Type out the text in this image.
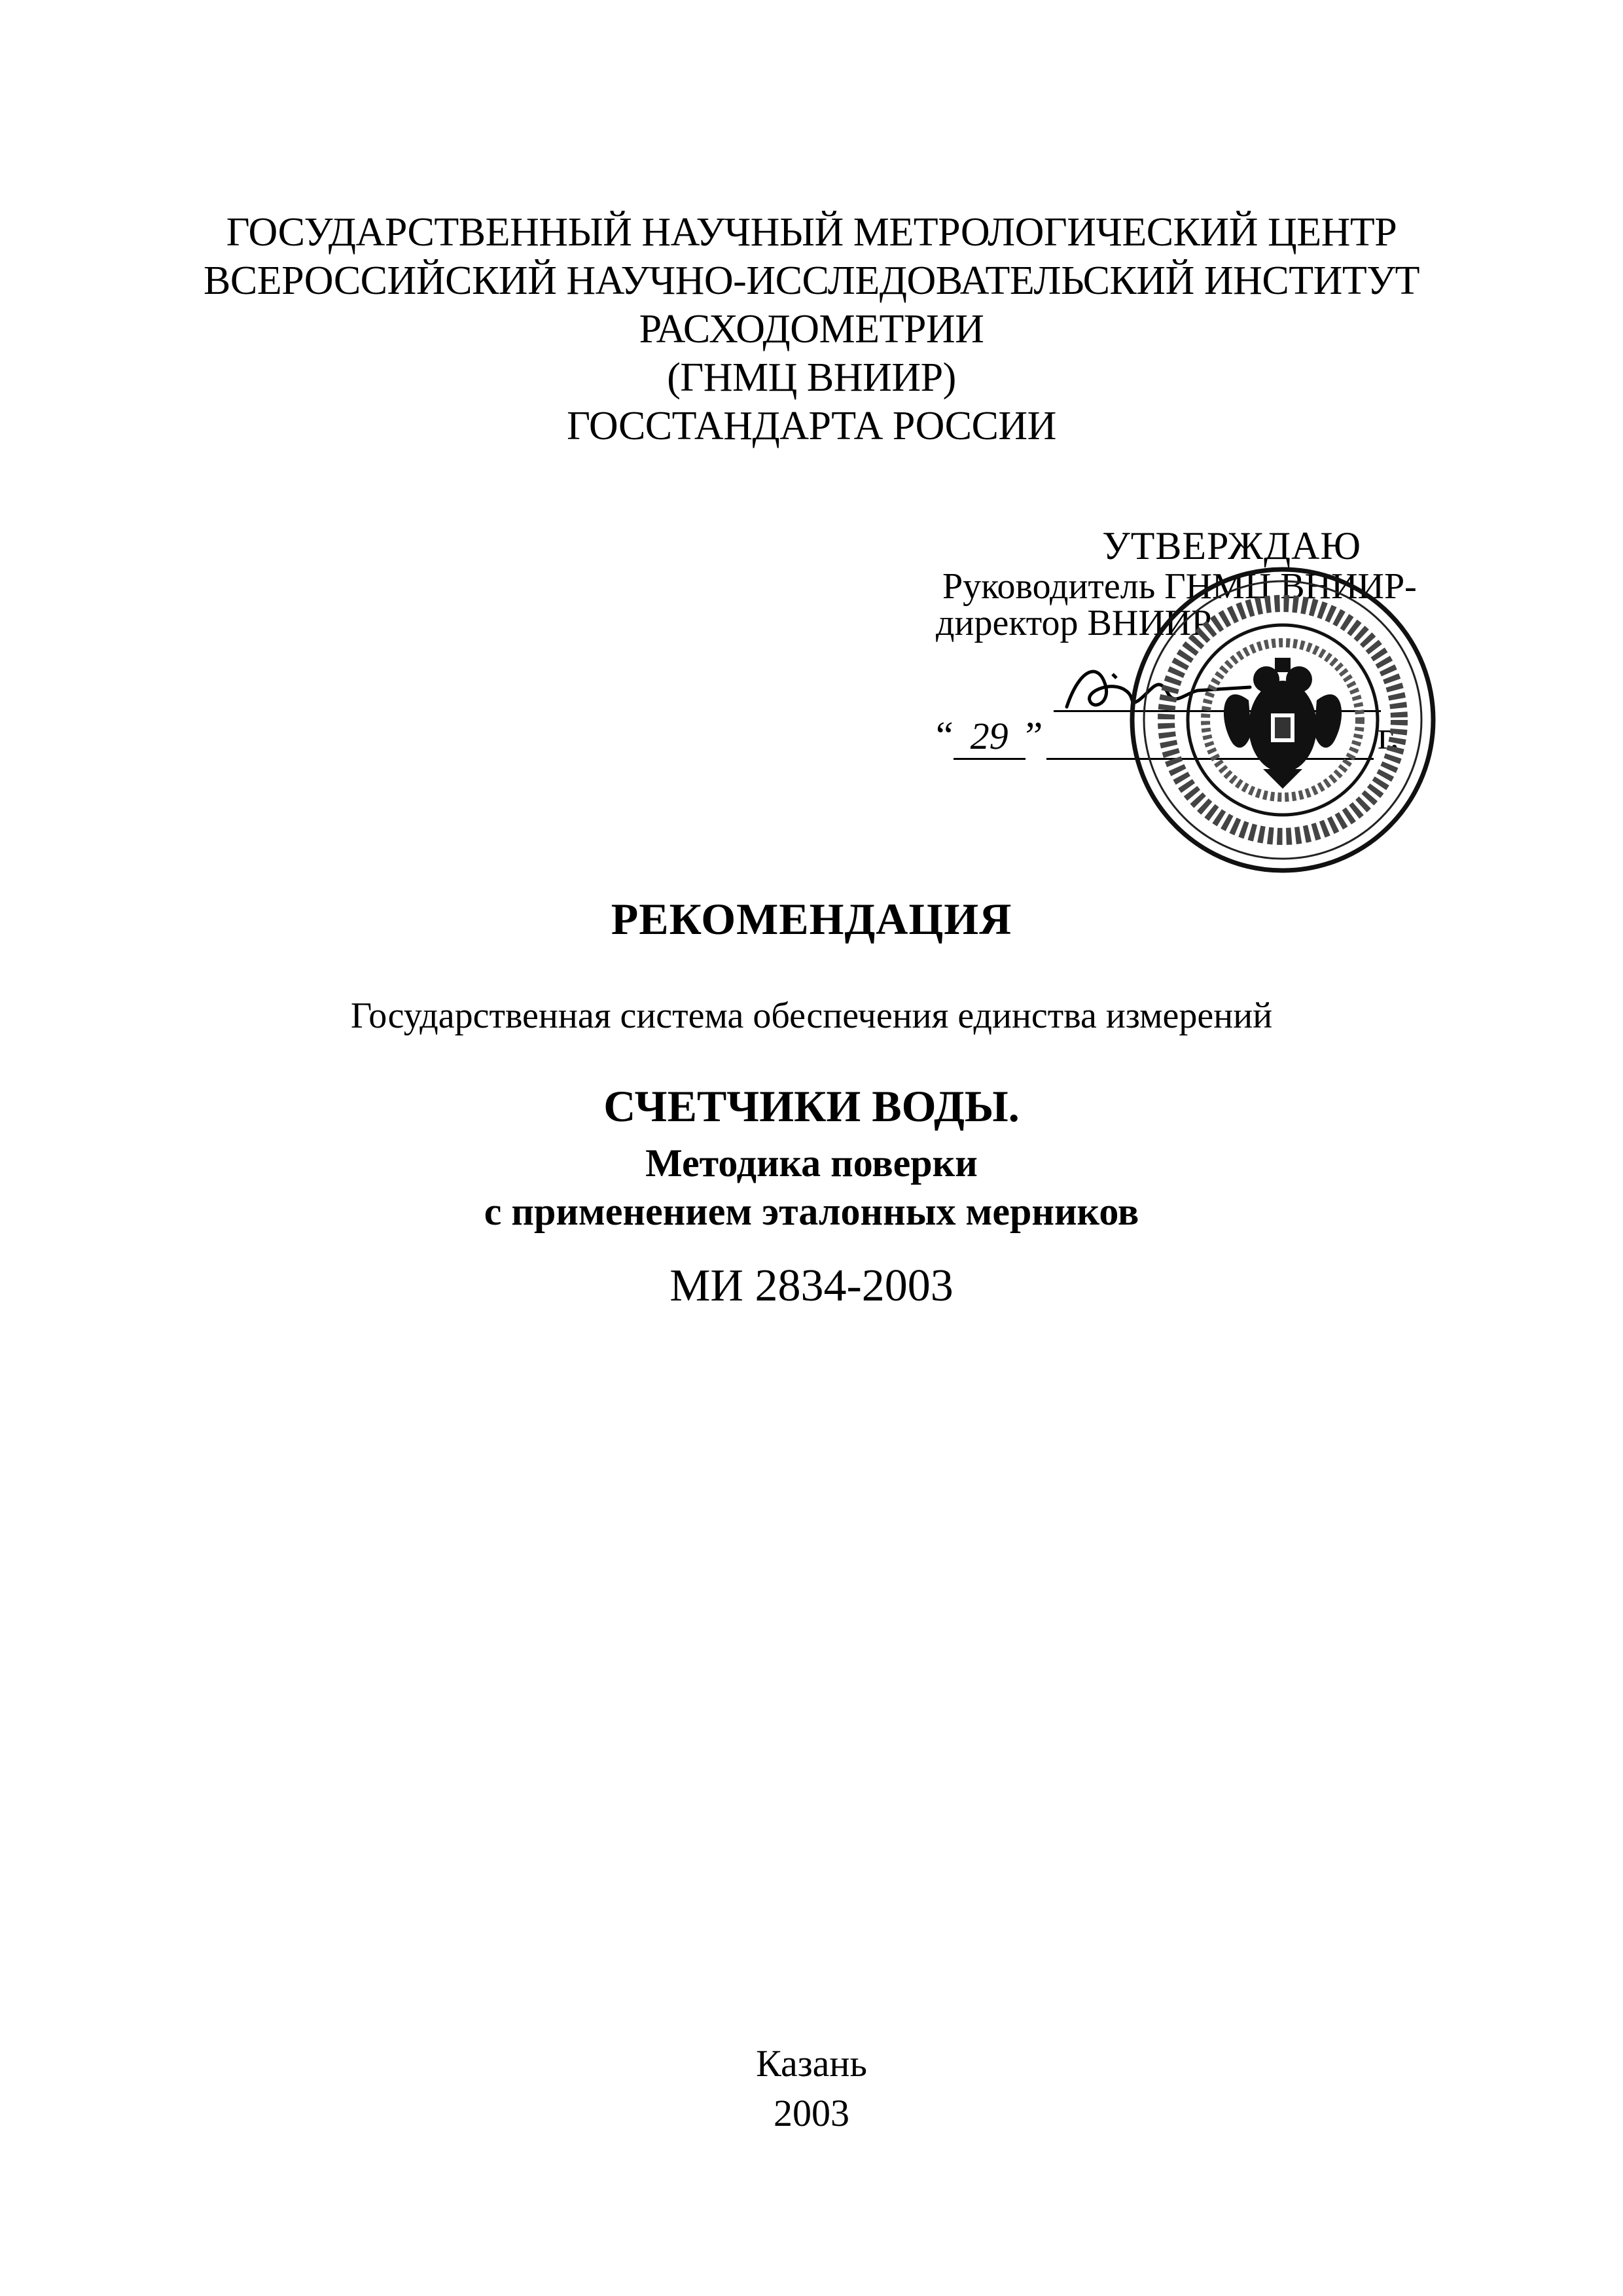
ГОСУДАРСТВЕННЫЙ НАУЧНЫЙ МЕТРОЛОГИЧЕСКИЙ ЦЕНТР
ВСЕРОССИЙСКИЙ НАУЧНО-ИССЛЕДОВАТЕЛЬСКИЙ ИНСТИТУТ
РАСХОДОМЕТРИИ
(ГНМЦ ВНИИР)
ГОССТАНДАРТА РОССИИ
УТВЕРЖДАЮ
Руководитель ГНМЦ ВНИИР-
директор ВНИИР
“ 29 ”	г.
РЕКОМЕНДАЦИЯ
Государственная система обеспечения единства измерений
СЧЕТЧИКИ ВОДЫ.
Методика поверки
с применением эталонных мерников
МИ 2834-2003
Казань
2003
